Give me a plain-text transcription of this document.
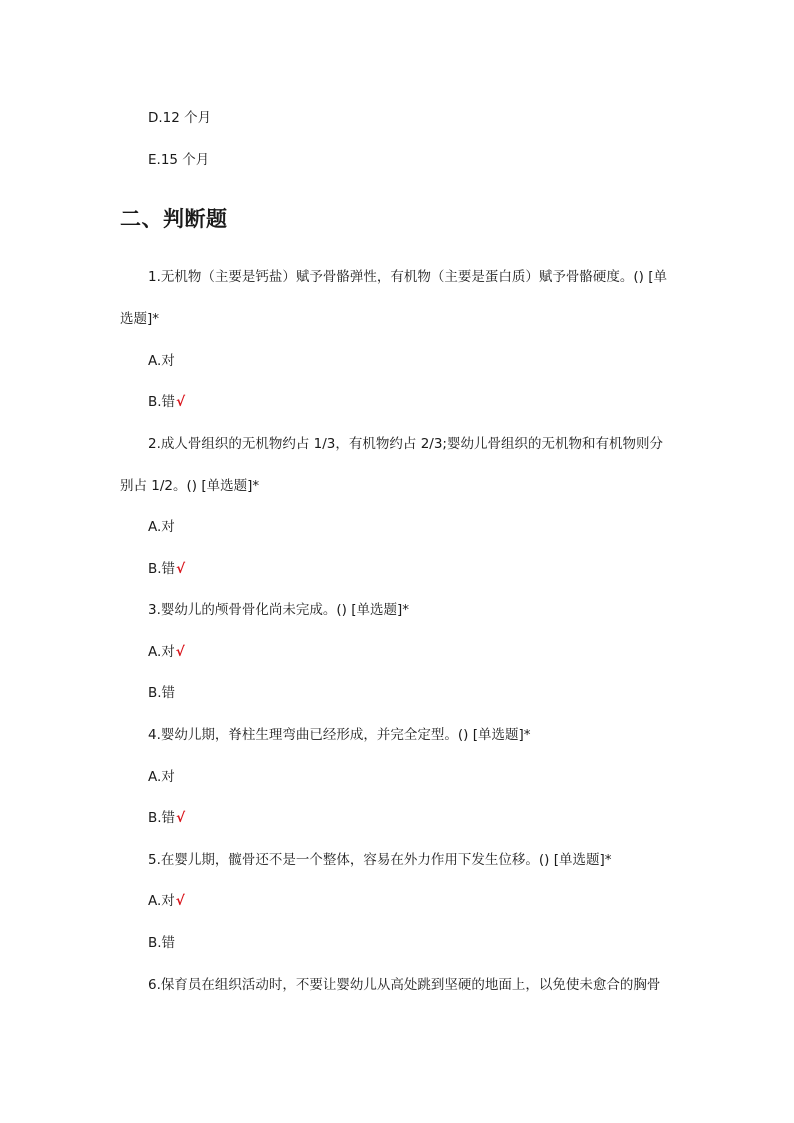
D.12 个月
E.15 个月
二、判断题
1.无机物（主要是钙盐）赋予骨骼弹性，有机物（主要是蛋白质）赋予骨骼硬度。() [单
选题]*
A.对
B.错√
2.成人骨组织的无机物约占 1/3，有机物约占 2/3;婴幼儿骨组织的无机物和有机物则分
别占 1/2。() [单选题]*
A.对
B.错√
3.婴幼儿的颅骨骨化尚未完成。() [单选题]*
A.对√
B.错
4.婴幼儿期，脊柱生理弯曲已经形成，并完全定型。() [单选题]*
A.对
B.错√
5.在婴儿期，髋骨还不是一个整体，容易在外力作用下发生位移。() [单选题]*
A.对√
B.错
6.保育员在组织活动时，不要让婴幼儿从高处跳到坚硬的地面上，以免使未愈合的胸骨
